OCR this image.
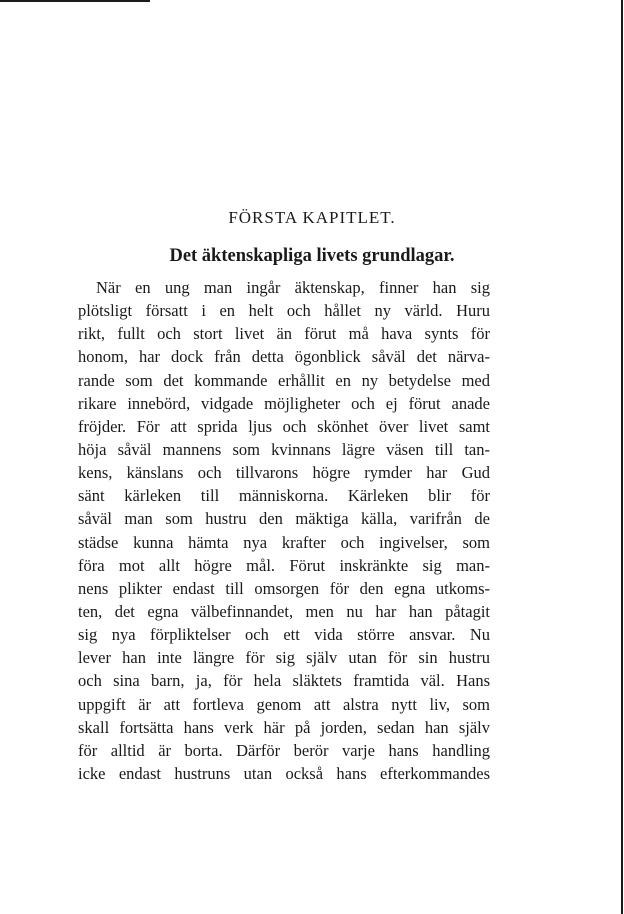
FÖRSTA KAPITLET.
Det äktenskapliga livets grundlagar.
När en ung man ingår äktenskap, finner han sig
plötsligt försatt i en helt och hållet ny värld. Huru
rikt, fullt och stort livet än förut må hava synts för
honom, har dock från detta ögonblick såväl det närva-
rande som det kommande erhållit en ny betydelse med
rikare innebörd, vidgade möjligheter och ej förut anade
fröjder. För att sprida ljus och skönhet över livet samt
höja såväl mannens som kvinnans lägre väsen till tan-
kens, känslans och tillvarons högre rymder har Gud
sänt kärleken till människorna. Kärleken blir för
såväl man som hustru den mäktiga källa, varifrån de
städse kunna hämta nya krafter och ingivelser, som
föra mot allt högre mål. Förut inskränkte sig man-
nens plikter endast till omsorgen för den egna utkoms-
ten, det egna välbefinnandet, men nu har han påtagit
sig nya förpliktelser och ett vida större ansvar. Nu
lever han inte längre för sig själv utan för sin hustru
och sina barn, ja, för hela släktets framtida väl. Hans
uppgift är att fortleva genom att alstra nytt liv, som
skall fortsätta hans verk här på jorden, sedan han själv
för alltid är borta. Därför berör varje hans handling
icke endast hustruns utan också hans efterkommandes
